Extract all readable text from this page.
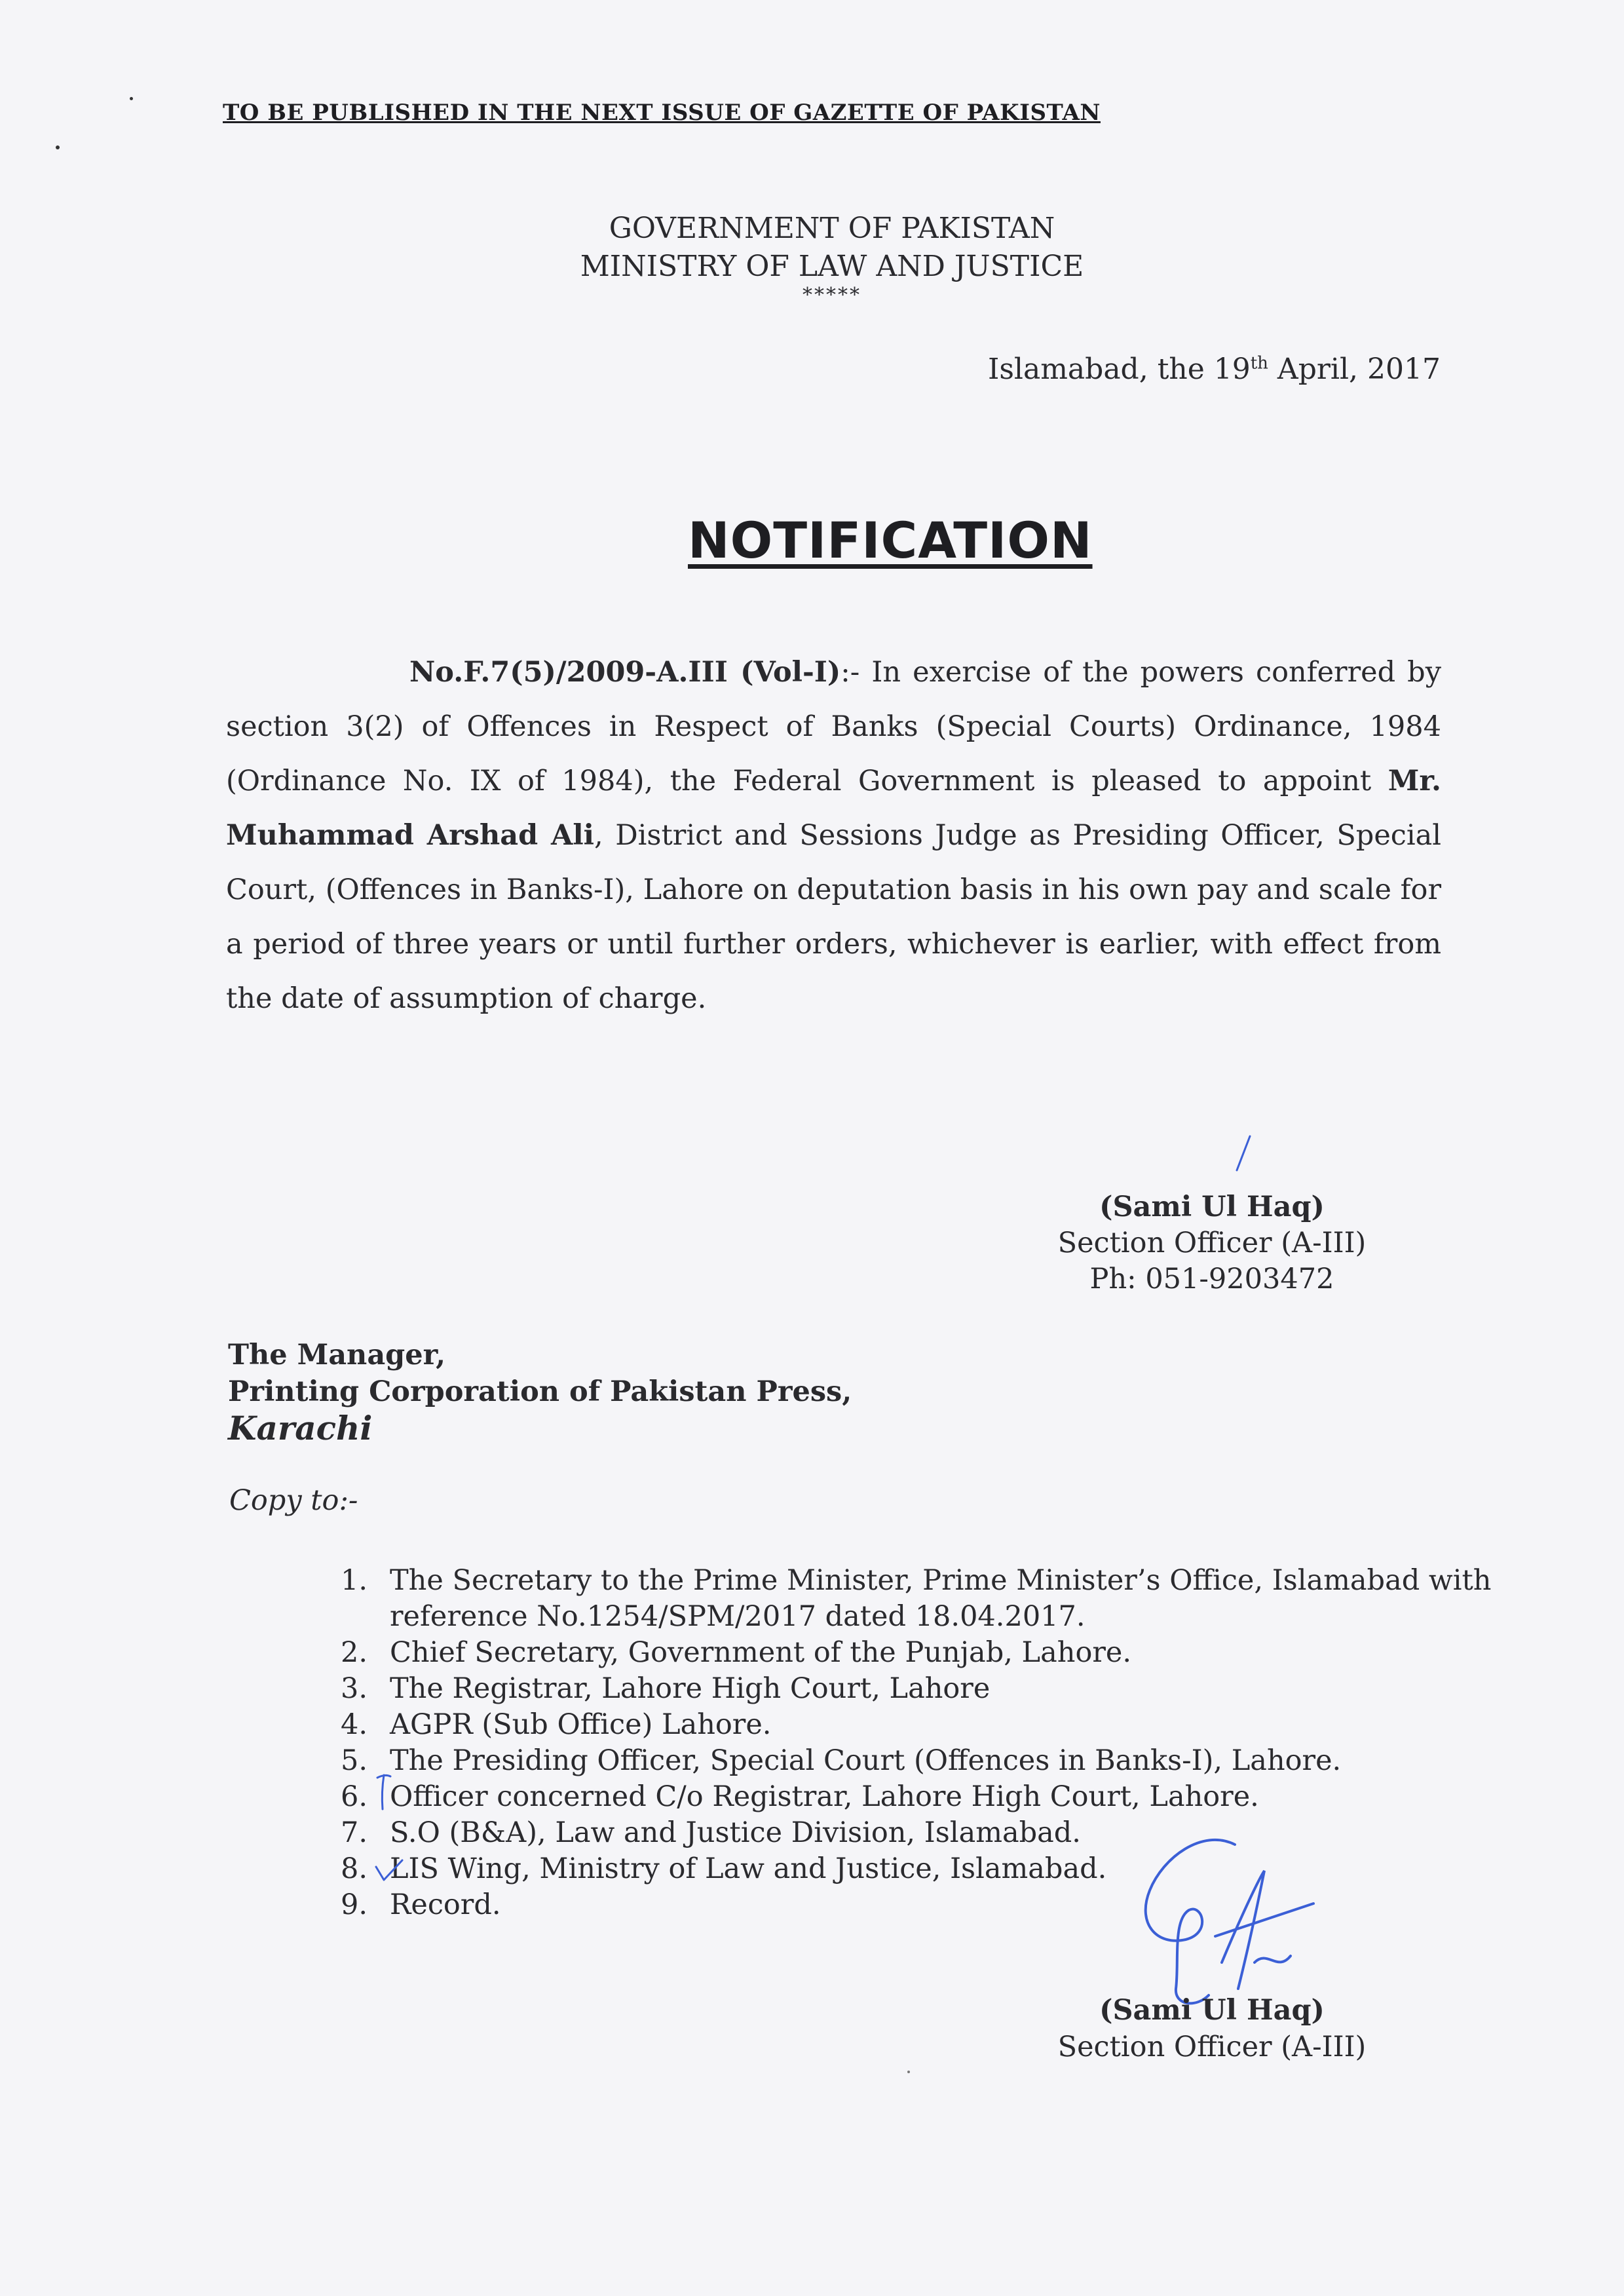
TO BE PUBLISHED IN THE NEXT ISSUE OF GAZETTE OF PAKISTAN
GOVERNMENT OF PAKISTAN
MINISTRY OF LAW AND JUSTICE
*****
Islamabad, the 19th April, 2017
NOTIFICATION
No.F.7(5)/2009-A.III (Vol-I):- In exercise of the powers conferred by section 3(2) of Offences in Respect of Banks (Special Courts) Ordinance, 1984 (Ordinance No. IX of 1984), the Federal Government is pleased to appoint Mr. Muhammad Arshad Ali, District and Sessions Judge as Presiding Officer, Special Court, (Offences in Banks-I), Lahore on deputation basis in his own pay and scale for a period of three years or until further orders, whichever is earlier, with effect from the date of assumption of charge.
(Sami Ul Haq)
Section Officer (A-III)
Ph: 051-9203472
The Manager,
Printing Corporation of Pakistan Press,
Karachi
Copy to:-
1. The Secretary to the Prime Minister, Prime Minister’s Office, Islamabad with reference No.1254/SPM/2017 dated 18.04.2017.
2. Chief Secretary, Government of the Punjab, Lahore.
3. The Registrar, Lahore High Court, Lahore
4. AGPR (Sub Office) Lahore.
5. The Presiding Officer, Special Court (Offences in Banks-I), Lahore.
6. Officer concerned C/o Registrar, Lahore High Court, Lahore.
7. S.O (B&A), Law and Justice Division, Islamabad.
8. LIS Wing, Ministry of Law and Justice, Islamabad.
9. Record.
(Sami Ul Haq)
Section Officer (A-III)
